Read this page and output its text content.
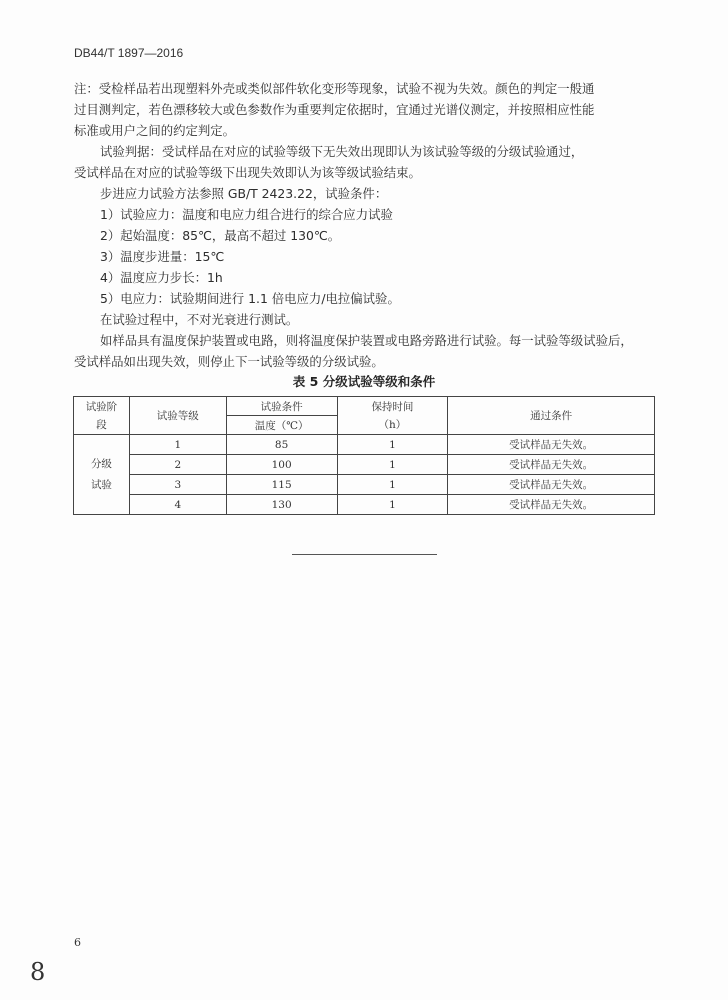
DB44/T 1897—2016

注：受检样品若出现塑料外壳或类似部件软化变形等现象，试验不视为失效。颜色的判定一般通
过目测判定，若色漂移较大或色参数作为重要判定依据时，宜通过光谱仪测定，并按照相应性能
标准或用户之间的约定判定。

试验判据：受试样品在对应的试验等级下无失效出现即认为该试验等级的分级试验通过，
受试样品在对应的试验等级下出现失效即认为该等级试验结束。

步进应力试验方法参照 GB/T 2423.22，试验条件：

1）试验应力：温度和电应力组合进行的综合应力试验
2）起始温度：85℃，最高不超过 130℃。
3）温度步进量：15℃
4）温度应力步长：1h
5）电应力：试验期间进行 1.1 倍电应力/电拉偏试验。

在试验过程中，不对光衰进行测试。

如样品具有温度保护装置或电路，则将温度保护装置或电路旁路进行试验。每一试验等级试验后，
受试样品如出现失效，则停止下一试验等级的分级试验。

表 5 分级试验等级和条件
试验阶	试验等级	试验条件	保持时间	通过条件
段		温度（℃）	（h）	

分级
试验	1	85	1	受试样品无失效。
	2	100	1	受试样品无失效。
	3	115	1	受试样品无失效。
	4	130	1	受试样品无失效。
6
8
